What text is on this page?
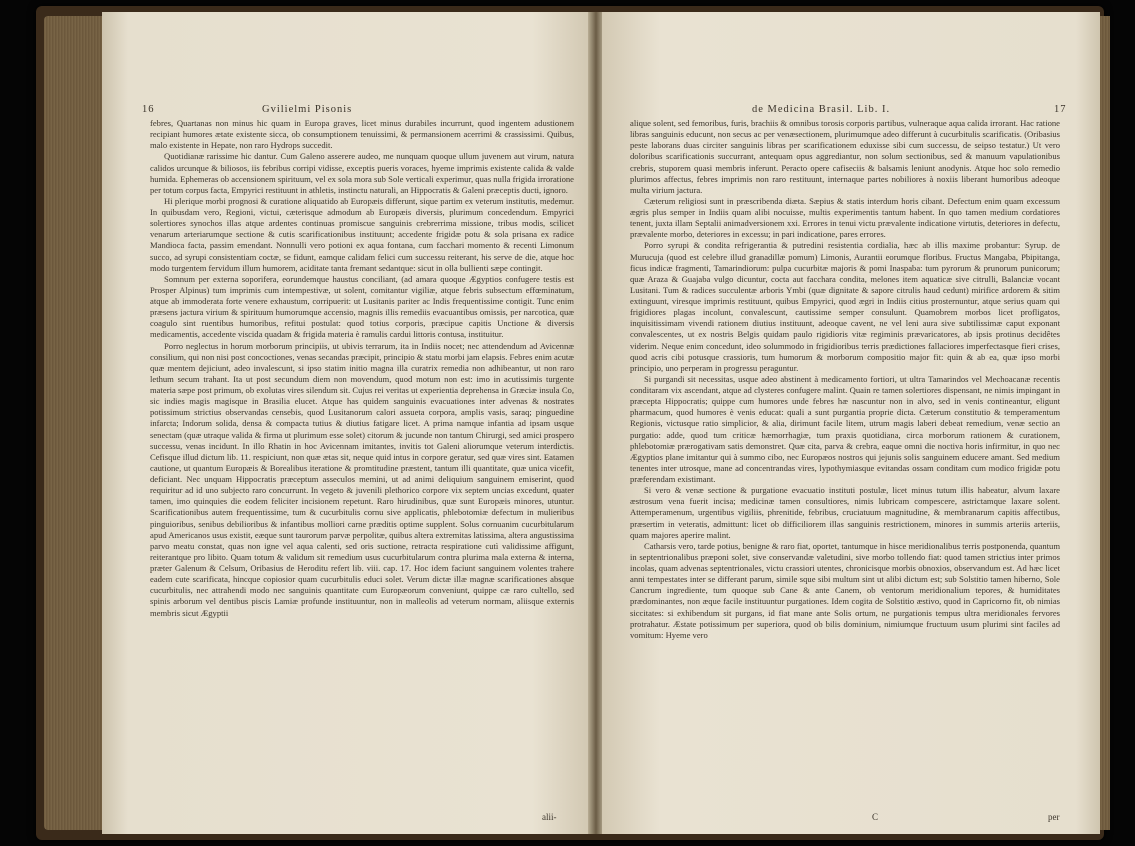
16	Gvilielmi Pisonis

febres, Quartanas non minus hic quam in Europa graves, licet minus durabiles incurrunt, quod ingentem adustionem recipiant humores ætate existente sicca, ob consumptionem tenuissimi, & permansionem acerrimi & crassissimi. Quibus, malo existente in Hepate, non raro Hydrops succedit.

Quotidianæ rarissime hic dantur. Cum Galeno asserere audeo, me nunquam quoque ullum juvenem aut virum, natura calidos urcunque & biliosos, iis febribus corripi vidisse, exceptis pueris voraces, hyeme imprimis existente calida & valde humida. Ephemeras ob accensionem spirituum, vel ex sola mora sub Sole verticali experimur, quas nulla frigida irroratione per totum corpus facta, Empyrici restituunt in athletis, instinctu naturali, an Hippocratis & Galeni præceptis ducti, ignoro.

Hi plerique morbi prognosi & curatione aliquatido ab Europæis differunt, sique partim ex veterum institutis, medemur. In quibusdam vero, Regioni, victui, cæterisque admodum ab Europæis diversis, plurimum concedendum. Empyrici solertiores synochos illas atque ardentes continuas promiscue sanguinis crebrerrima missione, tribus modis, scilicet venarum arteriarumque sectione & cutis scarificationibus instituunt; accedente frigidæ potu & sola prisana ex radice Mandioca facta, passim emendant. Nonnulli vero potioni ex aqua fontana, cum facchari momento & recenti Limonum succo, ad syrupi consistentiam coctæ, se fidunt, eamque calidam felici cum successu reiterant, his serve de die, atque hoc modo turgentem fervidum illum humorem, aciditate tanta fremant sedantque: sicut in olla bullienti sæpe contingit.

Somnum per externa soporifera, eorundemque haustus conciliant, (ad amara quoque Ægyptios confugere testis est Prosper Alpinus) tum imprimis cum intempestivæ, ut solent, comitantur vigiliæ, atque febris subsectum effœminatum, atque ab immoderata forte venere exhaustum, corripuerit: ut Lusitanis pariter ac Indis frequentissime contigit. Tunc enim præsens jactura virium & spirituum humorumque accensio, magnis illis remediis evacuantibus omissis, per narcotica, quæ coagulo sint ruentibus humoribus, refitui postulat: quod totius corporis, præcipue capitis Unctione & diversis medicamentis, accedente viscida quadam & frigida materia è ramulis cardui littoris contusa, instituitur.

Porro neglectus in horum morborum principiis, ut ubivis terrarum, ita in Indiis nocet; nec attendendum ad Avicennæ consilium, qui non nisi post concoctiones, venas secandas præcipit, principio & statu morbi jam elapsis. Febres enim acutæ quæ mentem dejiciunt, adeo invalescunt, si ipso statim initio magna illa curatrix remedia non adhibeantur, ut non raro lethum secum trahant. Ita ut post secundum diem non movendum, quod motum non est: imo in acutissimis turgente materia sæpe post primum, ob exolutas vires silendum sit. Cujus rei veritas ut experientia deprehensa in Græciæ insula Co, sic indies magis magisque in Brasilia elucet. Atque has quidem sanguinis evacuationes inter advenas & nostrates potissimum strictius observandas censebis, quod Lusitanorum calori assueta corpora, amplis vasis, saraq; pinguedine infarcta; Indorum solida, densa & compacta tutius & diutius fatigare licet. A prima namque infantia ad ipsam usque senectam (quæ utraque valida & firma ut plurimum esse solet) citorum & jucunde non tantum Chirurgi, sed amici prospero successu, venas incidunt. In illo Rhatin in hoc Avicennam imitantes, invitis tot Galeni aliorumque veterum interdictis. Cefisque illud dictum lib. 11. respiciunt, non quæ ætas sit, neque quid intus in corpore geratur, sed quæ vires sint. Eatamen cautione, ut quantum Europæis & Borealibus iteratione & promtitudine præstent, tantum illi quantitate, quæ unica vicefit, deficiant. Nec unquam Hippocratis præceptum asseculos memini, ut ad animi deliquium sanguinem emiserint, quod requiritur ad id uno subjecto raro concurrunt. In vegeto & juvenili plethorico corpore vix septem uncias excedunt, quater tamen, imo quinquies die eodem feliciter incisionem repetunt. Raro hirudinibus, quæ sunt Europæis minores, utuntur. Scarificationibus autem frequentissime, tum & cucurbitulis cornu sive applicatis, phlebotomiæ defectum in mulieribus pinguioribus, senibus debilioribus & infantibus molliori carne præditis optime supplent. Solus cornuanim cucurbitularum apud Americanos usus existit, eæque sunt taurorum parvæ perpolitæ, quibus altera extremitas latissima, altera angustissima parvo meatu constat, quas non igne vel aqua calenti, sed oris suctione, retracta respiratione cutì validissime affigunt, reiterantque pro libito. Quam totum & validum sit remedium usus cucurbitularum contra plurima mala externa & interna, præter Galenum & Celsum, Oribasius de Heroditu refert lib. viii. cap. 17. Hoc idem faciunt sanguinem volentes trahere eadem cute scarificata, hincque copiosior quam cucurbitulis educi solet. Verum dictæ illæ magnæ scarificationes absque cucurbitulis, nec attrahendi modo nec sanguinis quantitate cum Europæorum conveniunt, quippe cæ raro cultello, sed spinis arborum vel dentibus piscis Lamiæ profunde instituuntur, non in malleolis ad veterum normam, aliisque externis membris sicut Ægyptii

alii-
de Medicina Brasil. Lib. I.	17

alique solent, sed femoribus, furis, brachiis & omnibus torosis corporis partibus, vulneraque aqua calida irrorant. Hac ratione libras sanguinis educunt, non secus ac per venæsectionem, plurimumque adeo differunt à cucurbitulis scarificatis. (Oribasius peste laborans duas circiter sanguinis libras per scarificationem eduxisse sibi cum successu, de seipso testatur.) Ut vero doloribus scarificationis succurrant, antequam opus aggrediantur, non solum sectionibus, sed & manuum vapulationibus crebris, stuporem quasi membris inferunt. Peracto opere cafiseciis & balsamis leniunt anodynis. Atque hoc solo remedio plurimos affectus, febres imprimis non raro restituunt, internaque partes nobiliores à noxiis liberant humoribus adeoque multa virium jactura.

Cæterum religiosi sunt in præscribenda diæta. Sæpius & statis interdum horis cibant. Defectum enim quam excessum ægris plus semper in Indiis quam alibi nocuisse, multis experimentis tantum habent. In quo tamen medium cordatiores tenent, juxta illam Septalii animadversionem xxi. Errores in tenui victu prævalente indicatione virtutis, deteriores in defectu, prævalente morbo, deteriores in excessu; in pari indicatione, pares errores.

Porro syrupi & condita refrigerantia & putredini resistentia cordialia, hæc ab illis maxime probantur: Syrup. de Murucuja (quod est celebre illud granadillæ pomum) Limonis, Aurantii eorumque floribus. Fructus Mangaba, Pbipitanga, ficus indicæ fragmenti, Tamarindiorum: pulpa cucurbitæ majoris & pomi Inaspaba: tum pyrorum & prunorum punicorum; quæ Araza & Guajaba vulgo dicuntur, cocta aut facchara condita, melones item aquaticæ sive citrulli, Balanciæ vocant Lusitani. Tum & radices succulentæ arboris Ymbi (quæ dignitate & sapore citrulis haud cedunt) mirifice ardorem & sitim extinguunt, viresque imprimis restituunt, quibus Empyrici, quod ægri in Indiis citius prosternuntur, atque serius quam qui frigidiores plagas incolunt, convalescunt, cautissime semper consulunt. Quamobrem morbos licet profligatos, inquisitissimam vivendi rationem diutius instituunt, adeoque cavent, ne vel leni aura sive subtilissimæ caput exponant convalescentes, ut ex nostris Belgis quidam paulo rigidioris vitæ regiminis prævaricatores, ab ipsis protinus decidêtes viderim. Neque enim concedunt, ideo solummodo in frigidioribus terris prædictiones fallaciores imperfectasque fieri crises, quod acris cibi potusque crassioris, tum humorum & morborum compositio major fit: quin & ab ea, quæ ipso morbi principio, uno perperam in progressu peraguntur.

Si purgandi sit necessitas, usque adeo abstinent à medicamento fortiori, ut ultra Tamarindos vel Mechoacanæ recentis conditaram vix ascendant, atque ad clysteres confugere malint. Quain re tamen solertiores dispensant, ne nimis impingant in præcepta Hippocratis; quippe cum humores unde febres hæ nascuntur non in alvo, sed in venis contineantur, eligunt pharmacum, quod humores è venis educat: quali a sunt purgantia proprie dicta. Cæterum constitutio & temperamentum Regionis, victusque ratio simplicior, & alia, dirimunt facile litem, utrum magis laberi debeat remedium, venæ sectio an purgatio: adde, quod tum criticæ hæmorrhagiæ, tum praxis quotidiana, circa morborum rationem & curationem, phlebotomiæ prærogativam satis demonstret. Quæ cita, parva & crebra, eaque omni die noctiva horis infirmitur, in quo nec Ægyptios plane imitantur qui à summo cibo, nec Europæos nostros qui jejunis solis sanguinem educere amant. Sed medium tenentes inter utrosque, mane ad concentrandas vires, lypothymiasque evitandas ossam conditam cum modico frigidæ potu præferendam existimant.

Si vero & venæ sectione & purgatione evacuatio instituti postulæ, licet minus tutum illis habeatur, alvum laxare æstrosum vena fuerit incisa; medicinæ tamen consultiores, nimis lubricam compescere, astrictamque laxare solent. Attemperamenum, urgentibus vigiliis, phrenitide, febribus, cruciatuum magnitudine, & membranarum capitis affectibus, præsertim in veteratis, admittunt: licet ob difficiliorem illas sanguinis restrictionem, minores in summis arteriis arteriis, quam majores aperire malint.

Catharsis vero, tarde potius, benigne & raro fiat, oportet, tantumque in hisce meridionalibus terris postponenda, quantum in septentrionalibus præponi solet, sive conservandæ valetudini, sive morbo tollendo fiat: quod tamen strictius inter primos incolas, quam advenas septentrionales, victu crassiori utentes, chronicisque morbis obnoxios, observandum est. Ad hæc licet anni tempestates inter se differant parum, simile sque sibi multum sint ut alibi dictum est; sub Solstitio tamen hiberno, Sole Cancrum ingrediente, tum quoque sub Cane & ante Canem, ob ventorum meridionalium tepores, & humiditates prædominantes, non æque facile instituuntur purgationes. Idem cogita de Solstitio æstivo, quod in Capricorno fit, ob nimias siccitates: si exhibendum sit purgans, id fiat mane ante Solis ortum, ne purgationis tempus ultra meridionales fervores protrahatur. Æstate potissimum per superiora, quod ob bilis dominium, nimiumque fructuum usum plurimi sint faciles ad vomitum: Hyeme vero

C	per
